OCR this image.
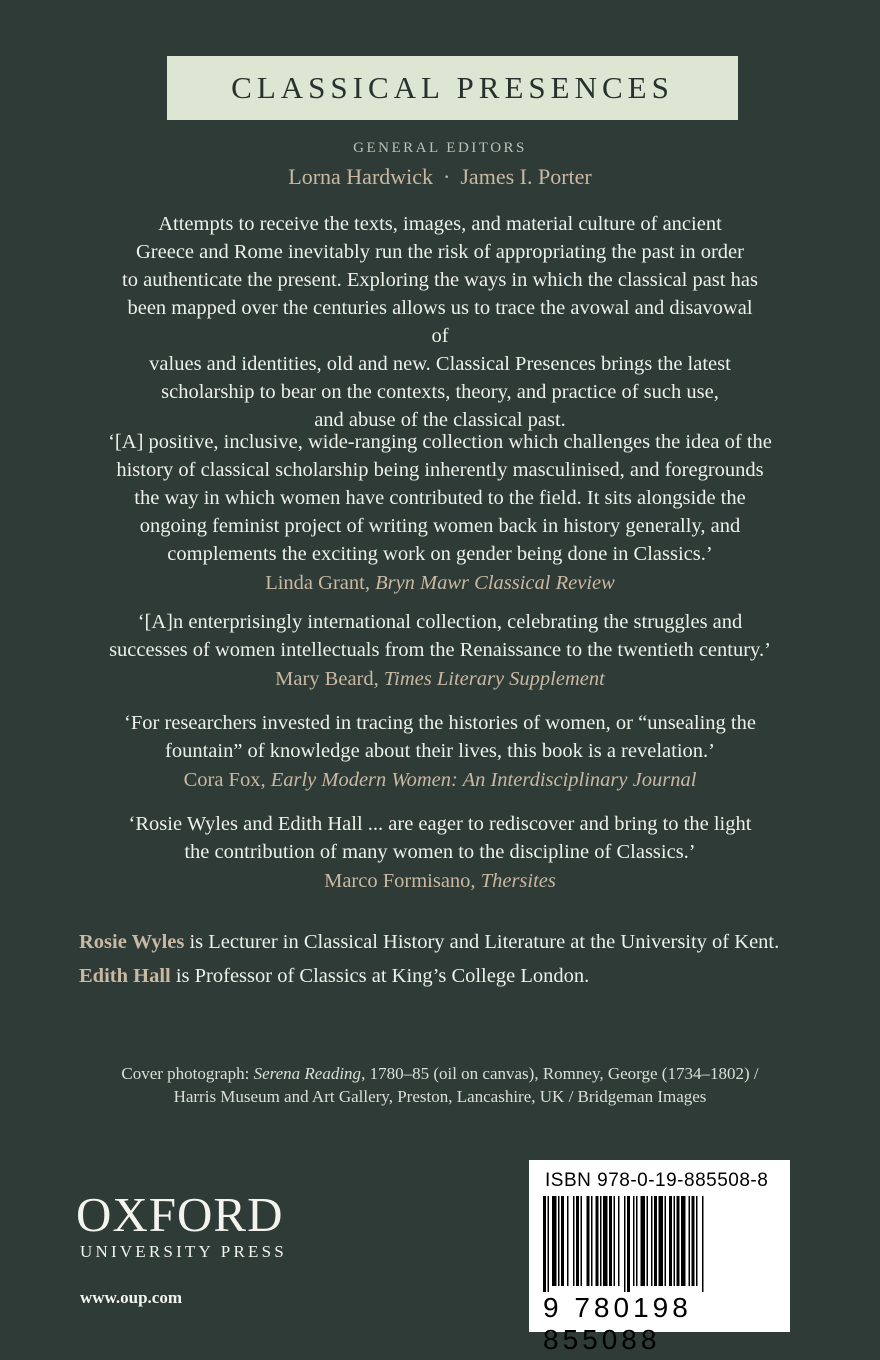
CLASSICAL PRESENCES
GENERAL EDITORS
Lorna Hardwick · James I. Porter
Attempts to receive the texts, images, and material culture of ancient
Greece and Rome inevitably run the risk of appropriating the past in order
to authenticate the present. Exploring the ways in which the classical past has
been mapped over the centuries allows us to trace the avowal and disavowal of
values and identities, old and new. Classical Presences brings the latest
scholarship to bear on the contexts, theory, and practice of such use,
and abuse of the classical past.
‘[A] positive, inclusive, wide-ranging collection which challenges the idea of the
history of classical scholarship being inherently masculinised, and foregrounds
the way in which women have contributed to the field. It sits alongside the
ongoing feminist project of writing women back in history generally, and
complements the exciting work on gender being done in Classics.’
Linda Grant, Bryn Mawr Classical Review
‘[A]n enterprisingly international collection, celebrating the struggles and
successes of women intellectuals from the Renaissance to the twentieth century.’
Mary Beard, Times Literary Supplement
‘For researchers invested in tracing the histories of women, or “unsealing the
fountain” of knowledge about their lives, this book is a revelation.’
Cora Fox, Early Modern Women: An Interdisciplinary Journal
‘Rosie Wyles and Edith Hall ... are eager to rediscover and bring to the light
the contribution of many women to the discipline of Classics.’
Marco Formisano, Thersites
Rosie Wyles is Lecturer in Classical History and Literature at the University of Kent.
Edith Hall is Professor of Classics at King’s College London.
Cover photograph: Serena Reading, 1780–85 (oil on canvas), Romney, George (1734–1802) /
Harris Museum and Art Gallery, Preston, Lancashire, UK / Bridgeman Images
OXFORD
UNIVERSITY PRESS
www.oup.com
ISBN 978-0-19-885508-8
9 780198 855088
